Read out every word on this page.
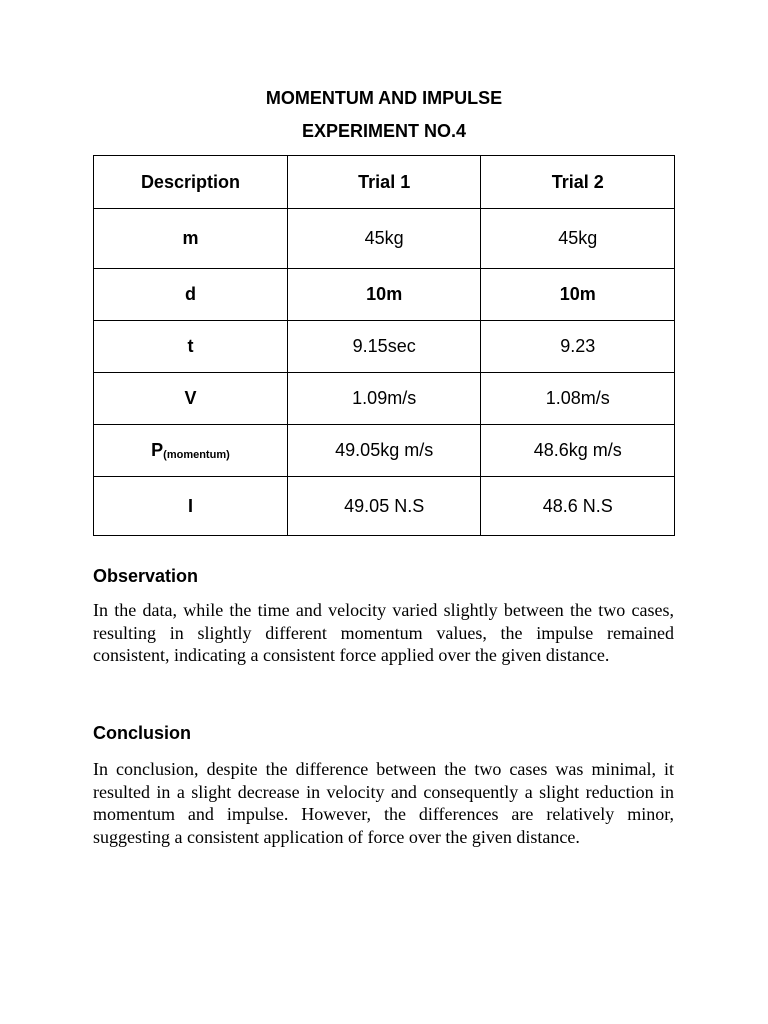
MOMENTUM AND IMPULSE
EXPERIMENT NO.4
Description	Trial 1	Trial 2
m	45kg	45kg
d	10m	10m
t	9.15sec	9.23
V	1.09m/s	1.08m/s
P(momentum)	49.05kg m/s	48.6kg m/s
I	49.05 N.S	48.6 N.S
Observation

In the data, while the time and velocity varied slightly between the two cases, resulting in slightly different momentum values, the impulse remained consistent, indicating a consistent force applied over the given distance.

Conclusion

In conclusion, despite the difference between the two cases was minimal, it resulted in a slight decrease in velocity and consequently a slight reduction in momentum and impulse. However, the differences are relatively minor, suggesting a consistent application of force over the given distance.
